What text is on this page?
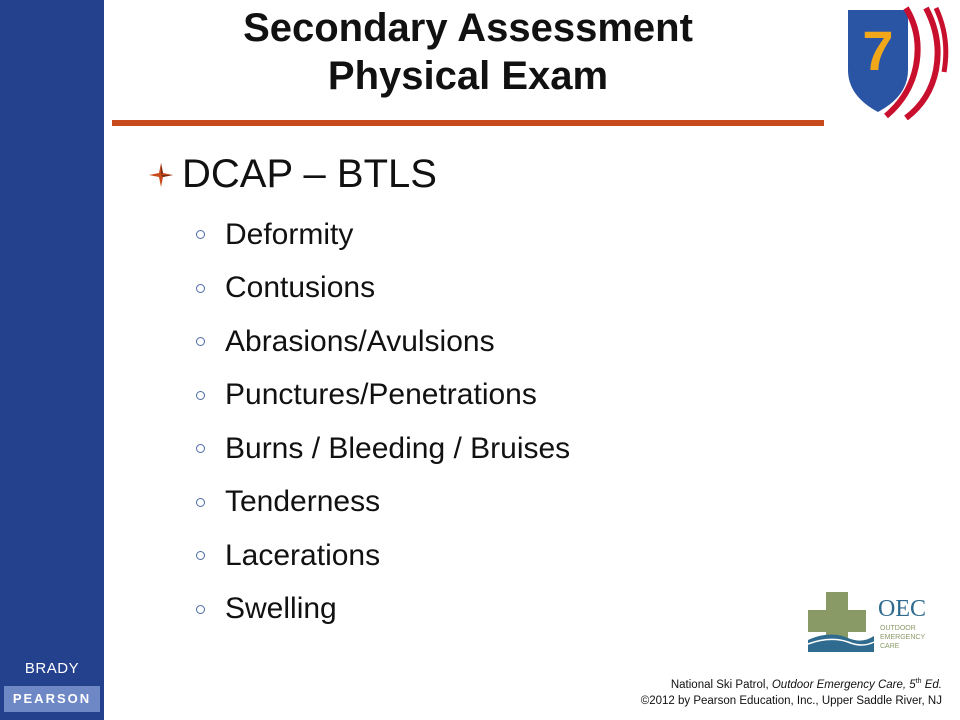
BRADY
PEARSON
Secondary Assessment
Physical Exam	7
DCAP – BTLS
Deformity
Contusions
Abrasions/Avulsions
Punctures/Penetrations
Burns / Bleeding / Bruises
Tenderness
Lacerations
Swelling	OEC
OUTDOOR
EMERGENCY
CARE
National Ski Patrol, Outdoor Emergency Care, 5th Ed.
©2012 by Pearson Education, Inc., Upper Saddle River, NJ
